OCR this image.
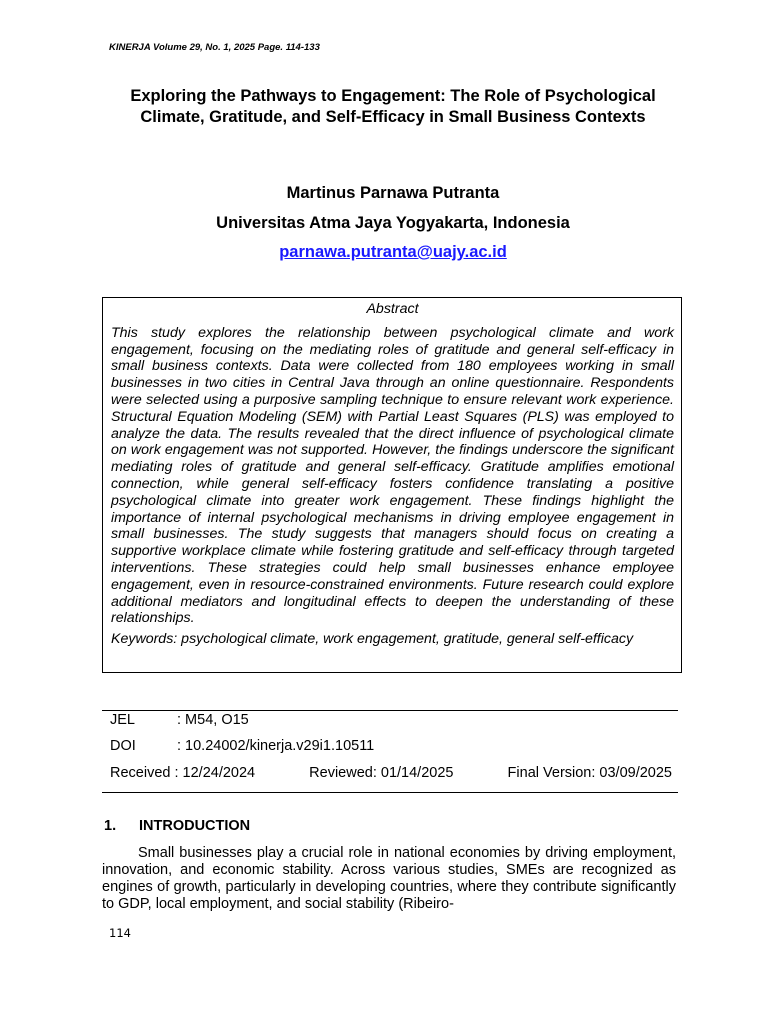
KINERJA Volume 29, No. 1, 2025 Page. 114-133
Exploring the Pathways to Engagement: The Role of Psychological Climate, Gratitude, and Self-Efficacy in Small Business Contexts
Martinus Parnawa Putranta
Universitas Atma Jaya Yogyakarta, Indonesia
parnawa.putranta@uajy.ac.id

Abstract

This study explores the relationship between psychological climate and work engagement, focusing on the mediating roles of gratitude and general self-efficacy in small business contexts. Data were collected from 180 employees working in small businesses in two cities in Central Java through an online questionnaire. Respondents were selected using a purposive sampling technique to ensure relevant work experience. Structural Equation Modeling (SEM) with Partial Least Squares (PLS) was employed to analyze the data. The results revealed that the direct influence of psychological climate on work engagement was not supported. However, the findings underscore the significant mediating roles of gratitude and general self-efficacy. Gratitude amplifies emotional connection, while general self-efficacy fosters confidence translating a positive psychological climate into greater work engagement. These findings highlight the importance of internal psychological mechanisms in driving employee engagement in small businesses. The study suggests that managers should focus on creating a supportive workplace climate while fostering gratitude and self-efficacy through targeted interventions. These strategies could help small businesses enhance employee engagement, even in resource-constrained environments. Future research could explore additional mediators and longitudinal effects to deepen the understanding of these relationships.

Keywords: psychological climate, work engagement, gratitude, general self-efficacy

JEL	: M54, O15
DOI	: 10.24002/kinerja.v29i1.10511
Received : 12/24/2024	Reviewed: 01/14/2025	Final Version: 03/09/2025
1. INTRODUCTION

Small businesses play a crucial role in national economies by driving employment, innovation, and economic stability. Across various studies, SMEs are recognized as engines of growth, particularly in developing countries, where they contribute significantly to GDP, local employment, and social stability (Ribeiro-

114
